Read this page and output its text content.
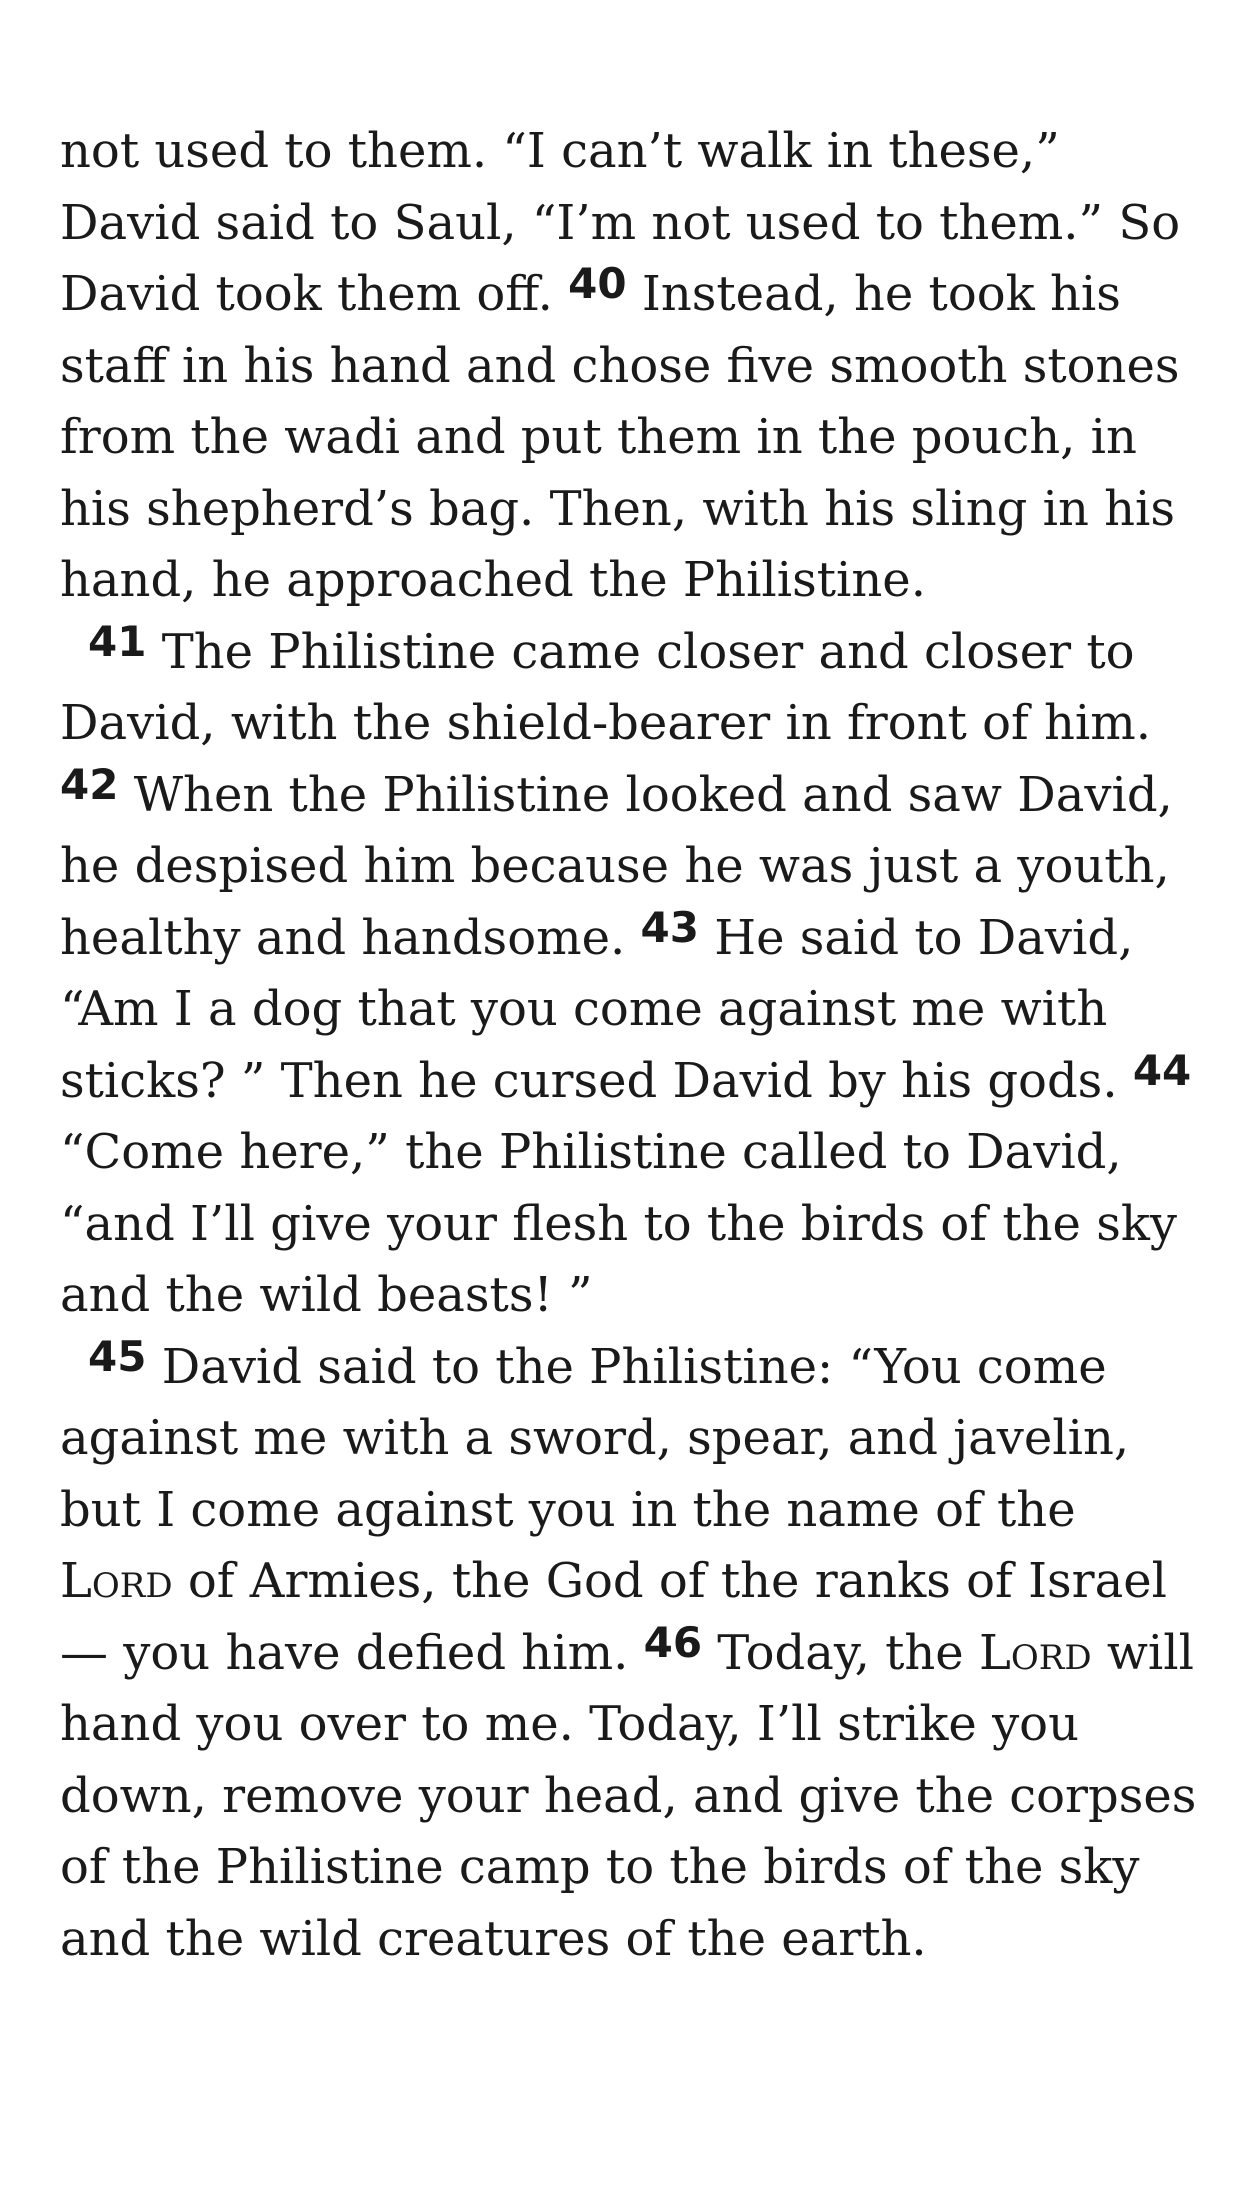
not used to them. “I can’t walk in these,” David said to Saul, “I’m not used to them.” So David took them off. 40 Instead, he took his staff in his hand and chose five smooth stones from the wadi and put them in the pouch, in his shepherd’s bag. Then, with his sling in his hand, he approached the Philistine.

41 The Philistine came closer and closer to David, with the shield-bearer in front of him. 42 When the Philistine looked and saw David, he despised him because he was just a youth, healthy and handsome. 43 He said to David, “Am I a dog that you come against me with sticks? ” Then he cursed David by his gods. 44 “Come here,” the Philistine called to David, “and I’ll give your flesh to the birds of the sky and the wild beasts! ”

45 David said to the Philistine: “You come against me with a sword, spear, and javelin, but I come against you in the name of the Lord of Armies, the God of the ranks of Israel — you have defied him. 46 Today, the Lord will hand you over to me. Today, I’ll strike you down, remove your head, and give the corpses of the Philistine camp to the birds of the sky and the wild creatures of the earth.
